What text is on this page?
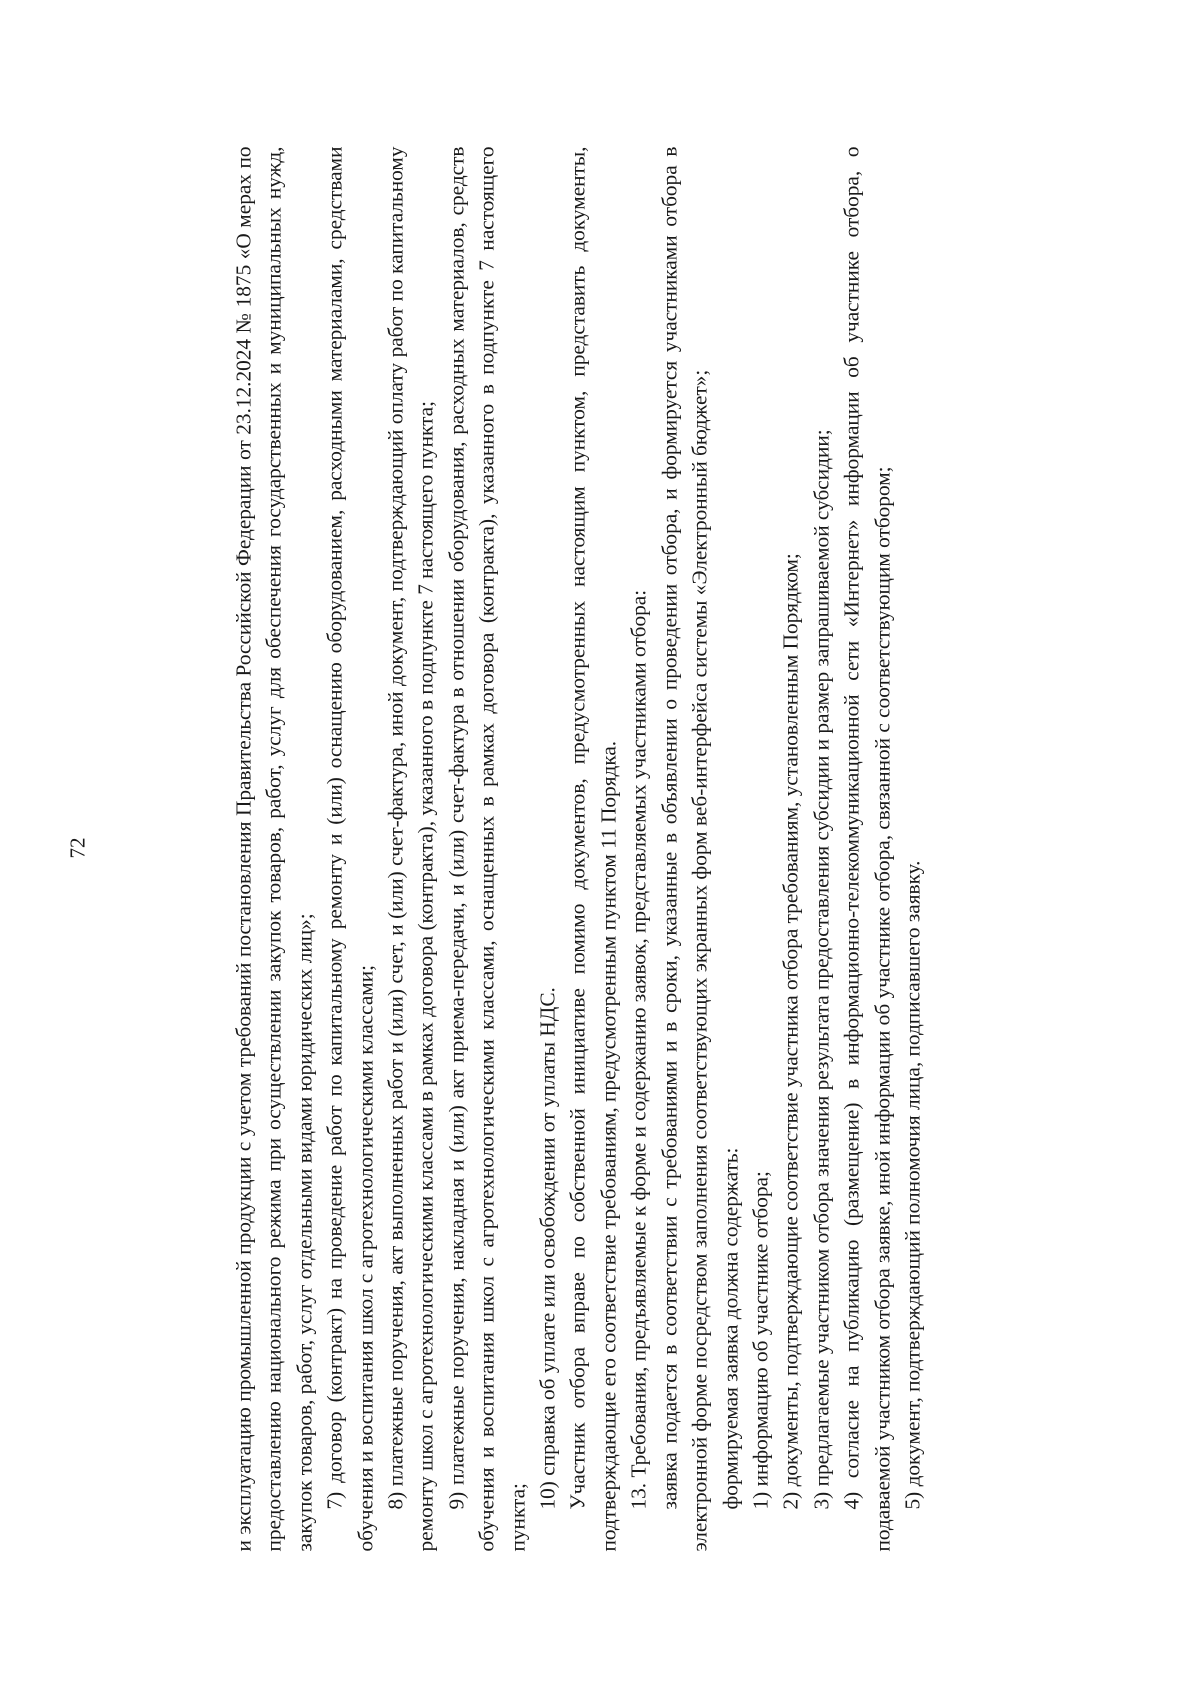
72	и эксплуатацию промышленной продукции с учетом требований постановления Правительства Российской Федерации от 23.12.2024 № 1875 «О мерах по предоставлению национального режима при осуществлении закупок товаров, работ, услуг для обеспечения государственных и муниципальных нужд, закупок товаров, работ, услуг отдельными видами юридических лиц»; 7) договор (контракт) на проведение работ по капитальному ремонту и (или) оснащению оборудованием, расходными материалами, средствами обучения и воспитания школ с агротехнологическими классами; 8) платежные поручения, акт выполненных работ и (или) счет, и (или) счет-фактура, иной документ, подтверждающий оплату работ по капитальному ремонту школ с агротехнологическими классами в рамках договора (контракта), указанного в подпункте 7 настоящего пункта; 9) платежные поручения, накладная и (или) акт приема-передачи, и (или) счет-фактура в отношении оборудования, расходных материалов, средств обучения и воспитания школ с агротехнологическими классами, оснащенных в рамках договора (контракта), указанного в подпункте 7 настоящего пункта;

10) справка об уплате или освобождении от уплаты НДС. Участник отбора вправе по собственной инициативе помимо документов, предусмотренных настоящим пунктом, представить документы, подтверждающие его соответствие требованиям, предусмотренным пунктом 11 Порядка. 13. Требования, предъявляемые к форме и содержанию заявок, представляемых участниками отбора: заявка подается в соответствии с требованиями и в сроки, указанные в объявлении о проведении отбора, и формируется участниками отбора в электронной форме посредством заполнения соответствующих экранных форм веб-интерфейса системы «Электронный бюджет»; формируемая заявка должна содержать: 1) информацию об участнике отбора; 2) документы, подтверждающие соответствие участника отбора требованиям, установленным Порядком; 3) предлагаемые участником отбора значения результата предоставления субсидии и размер запрашиваемой субсидии; 4) согласие на публикацию (размещение) в информационно-телекоммуникационной сети «Интернет» информации об участнике отбора, о подаваемой участником отбора заявке, иной информации об участнике отбора, связанной с соответствующим отбором; 5) документ, подтверждающий полномочия лица, подписавшего заявку.
